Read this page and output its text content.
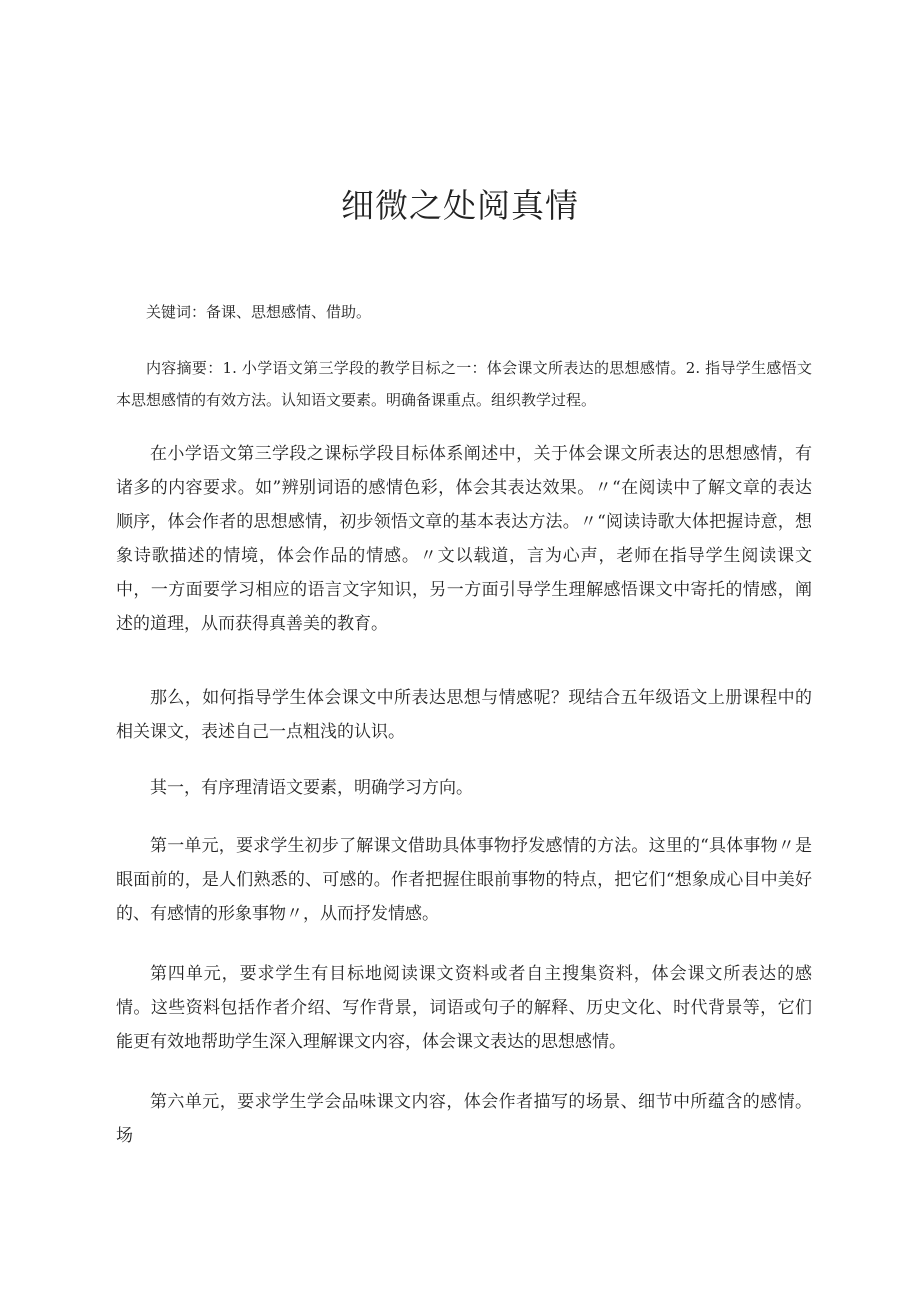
细微之处阅真情

关键词：备课、思想感情、借助。

内容摘要：1. 小学语文第三学段的教学目标之一：体会课文所表达的思想感情。2. 指导学生感悟文本思想感情的有效方法。认知语文要素。明确备课重点。组织教学过程。

在小学语文第三学段之课标学段目标体系阐述中，关于体会课文所表达的思想感情，有诸多的内容要求。如”辨别词语的感情色彩，体会其表达效果。〃“在阅读中了解文章的表达顺序，体会作者的思想感情，初步领悟文章的基本表达方法。〃“阅读诗歌大体把握诗意，想象诗歌描述的情境，体会作品的情感。〃文以载道，言为心声，老师在指导学生阅读课文中，一方面要学习相应的语言文字知识，另一方面引导学生理解感悟课文中寄托的情感，阐述的道理，从而获得真善美的教育。

那么，如何指导学生体会课文中所表达思想与情感呢？现结合五年级语文上册课程中的相关课文，表述自己一点粗浅的认识。

其一，有序理清语文要素，明确学习方向。

第一单元，要求学生初步了解课文借助具体事物抒发感情的方法。这里的“具体事物〃是眼面前的，是人们熟悉的、可感的。作者把握住眼前事物的特点，把它们“想象成心目中美好的、有感情的形象事物〃，从而抒发情感。

第四单元，要求学生有目标地阅读课文资料或者自主搜集资料，体会课文所表达的感情。这些资料包括作者介绍、写作背景，词语或句子的解释、历史文化、时代背景等，它们能更有效地帮助学生深入理解课文内容，体会课文表达的思想感情。

第六单元，要求学生学会品味课文内容，体会作者描写的场景、细节中所蕴含的感情。场
